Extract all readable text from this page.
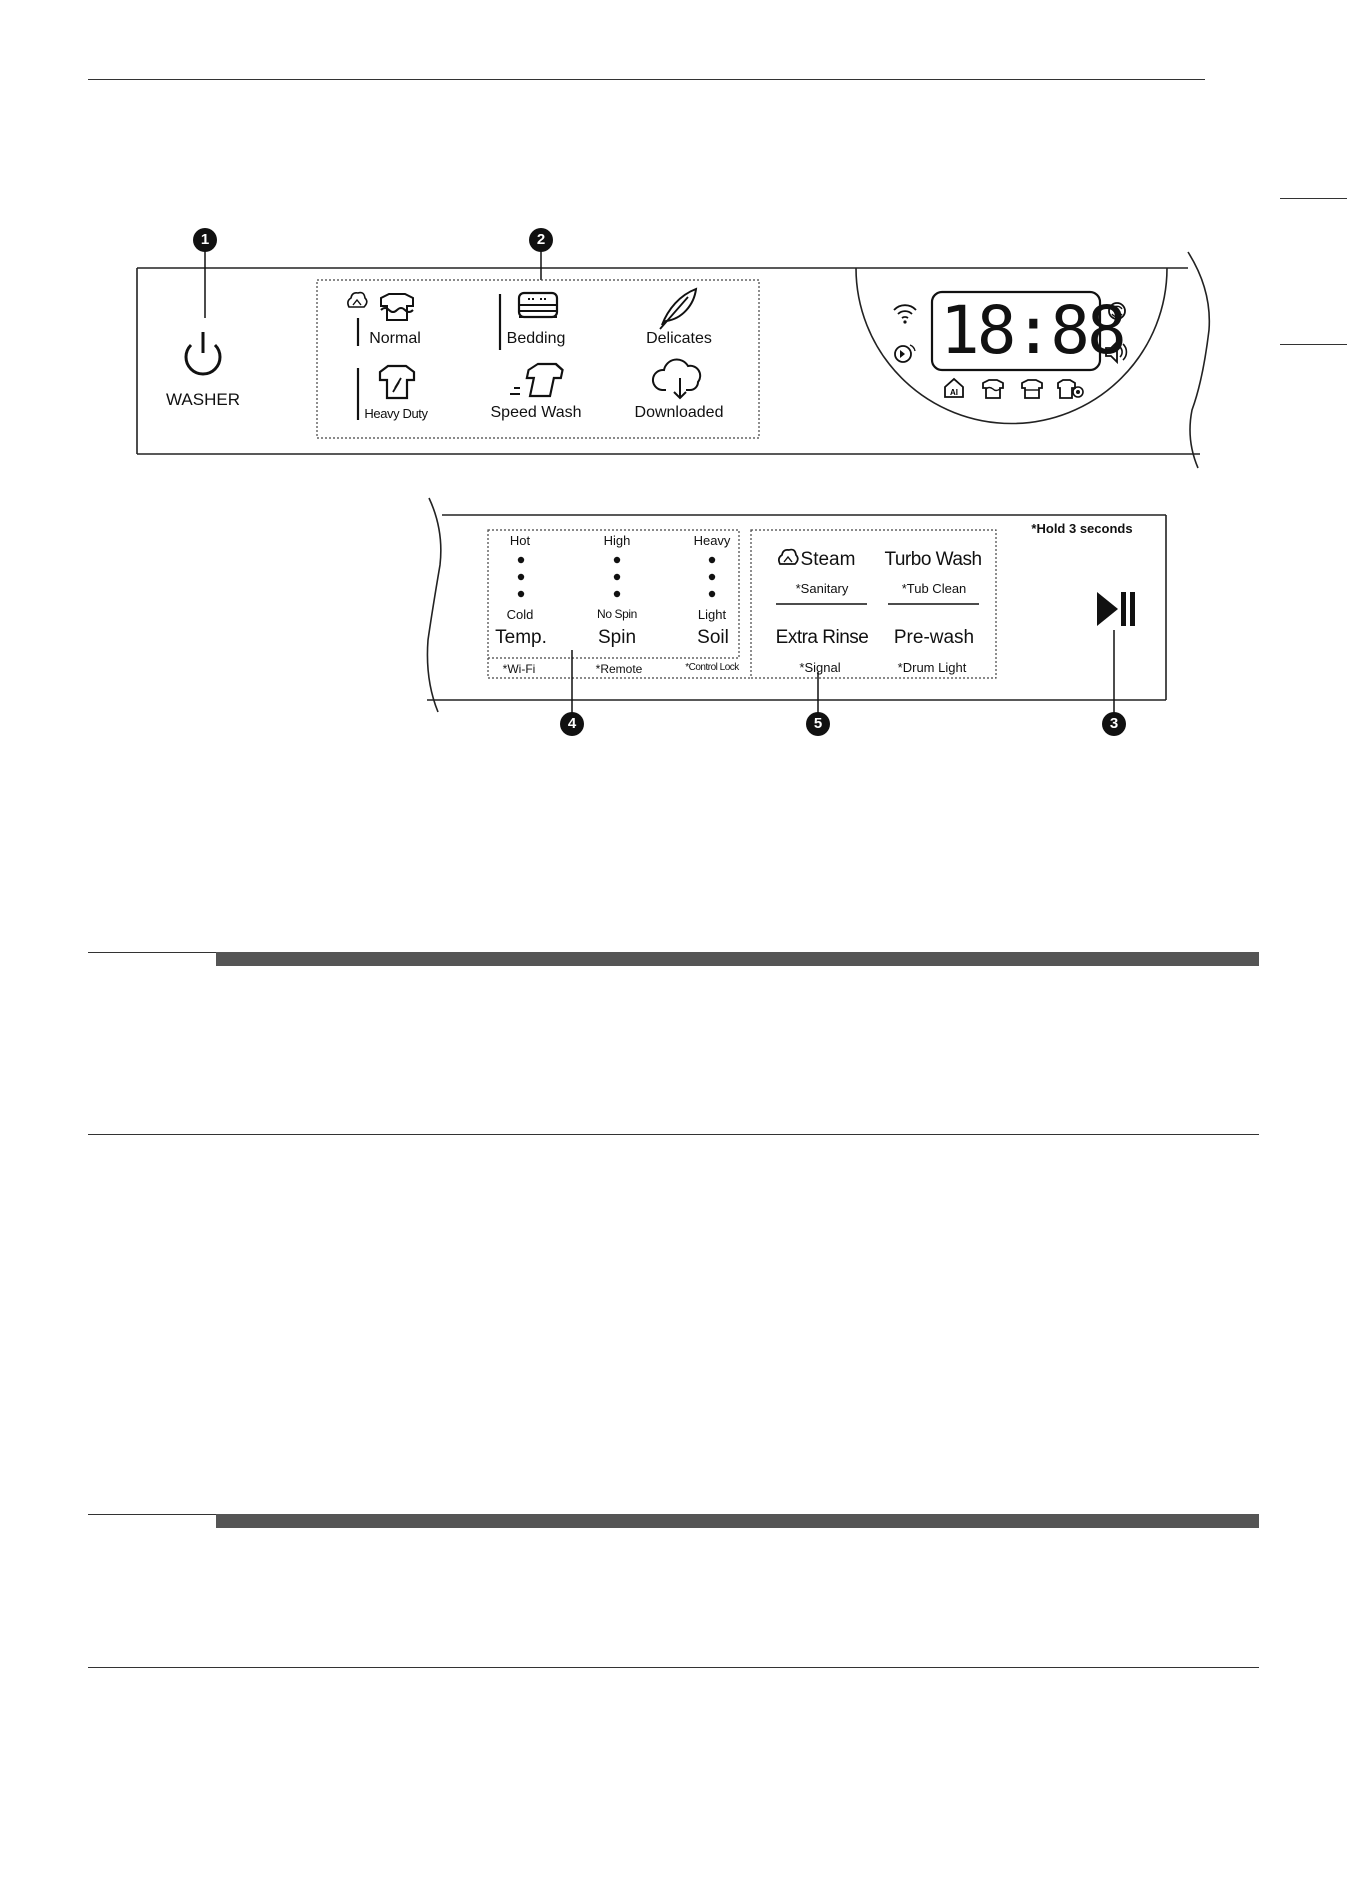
AI
1	2
WASHER
Normal	Bedding	Delicates
Heavy Duty	Speed Wash	Downloaded
18:88
*Hold 3 seconds
Hot	High	Heavy
Cold	No Spin	Light
Temp.	Spin	Soil
*Wi-Fi	*Remote	*Control Lock
Steam
*Sanitary
Turbo Wash
*Tub Clean
Extra Rinse
*Signal
Pre-wash
*Drum Light
4	5	3
